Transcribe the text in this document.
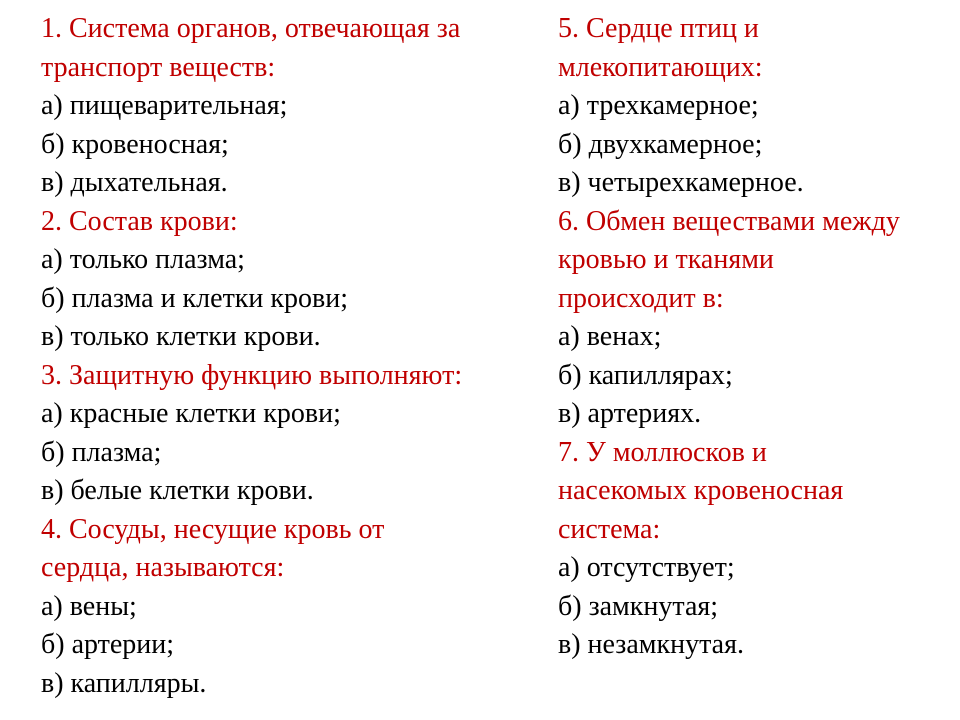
1. Система органов, отвечающая за транспорт веществ:

а) пищеварительная;

б) кровеносная;

в) дыхательная.

2. Состав крови:

а) только плазма;

б) плазма и клетки крови;

в) только клетки крови.

3. Защитную функцию выполняют:

а) красные клетки крови;

б) плазма;

в) белые клетки крови.

4. Сосуды, несущие кровь от сердца, называются:

а) вены;

б) артерии;

в) капилляры.

5. Сердце птиц и млекопитающих:

а) трехкамерное;

б) двухкамерное;

в) четырехкамерное.

6. Обмен веществами между кровью и тканями происходит в:

а) венах;

б) капиллярах;

в) артериях.

7. У моллюсков и насекомых кровеносная система:

а) отсутствует;

б) замкнутая;

в) незамкнутая.
